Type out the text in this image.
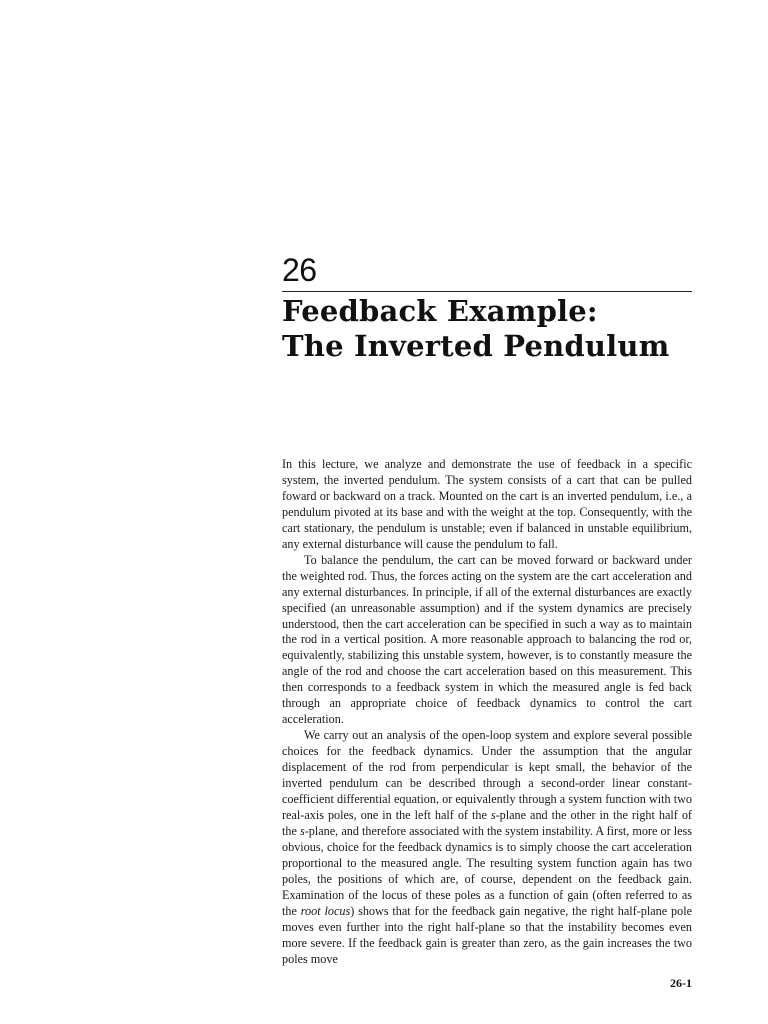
26
Feedback Example:
The Inverted Pendulum

In this lecture, we analyze and demonstrate the use of feedback in a specific system, the inverted pendulum. The system consists of a cart that can be pulled foward or backward on a track. Mounted on the cart is an inverted pendulum, i.e., a pendulum pivoted at its base and with the weight at the top. Consequently, with the cart stationary, the pendulum is unstable; even if balanced in unstable equilibrium, any external disturbance will cause the pendulum to fall.

To balance the pendulum, the cart can be moved forward or backward under the weighted rod. Thus, the forces acting on the system are the cart acceleration and any external disturbances. In principle, if all of the external disturbances are exactly specified (an unreasonable assumption) and if the system dynamics are precisely understood, then the cart acceleration can be specified in such a way as to maintain the rod in a vertical position. A more reasonable approach to balancing the rod or, equivalently, stabilizing this unstable system, however, is to constantly measure the angle of the rod and choose the cart acceleration based on this measurement. This then corresponds to a feedback system in which the measured angle is fed back through an appropriate choice of feedback dynamics to control the cart acceleration.

We carry out an analysis of the open-loop system and explore several possible choices for the feedback dynamics. Under the assumption that the angular displacement of the rod from perpendicular is kept small, the behavior of the inverted pendulum can be described through a second-order linear constant-coefficient differential equation, or equivalently through a system function with two real-axis poles, one in the left half of the s-plane and the other in the right half of the s-plane, and therefore associated with the system instability. A first, more or less obvious, choice for the feedback dynamics is to simply choose the cart acceleration proportional to the measured angle. The resulting system function again has two poles, the positions of which are, of course, dependent on the feedback gain. Examination of the locus of these poles as a function of gain (often referred to as the root locus) shows that for the feedback gain negative, the right half-plane pole moves even further into the right half-plane so that the instability becomes even more severe. If the feedback gain is greater than zero, as the gain increases the two poles move

26-1
